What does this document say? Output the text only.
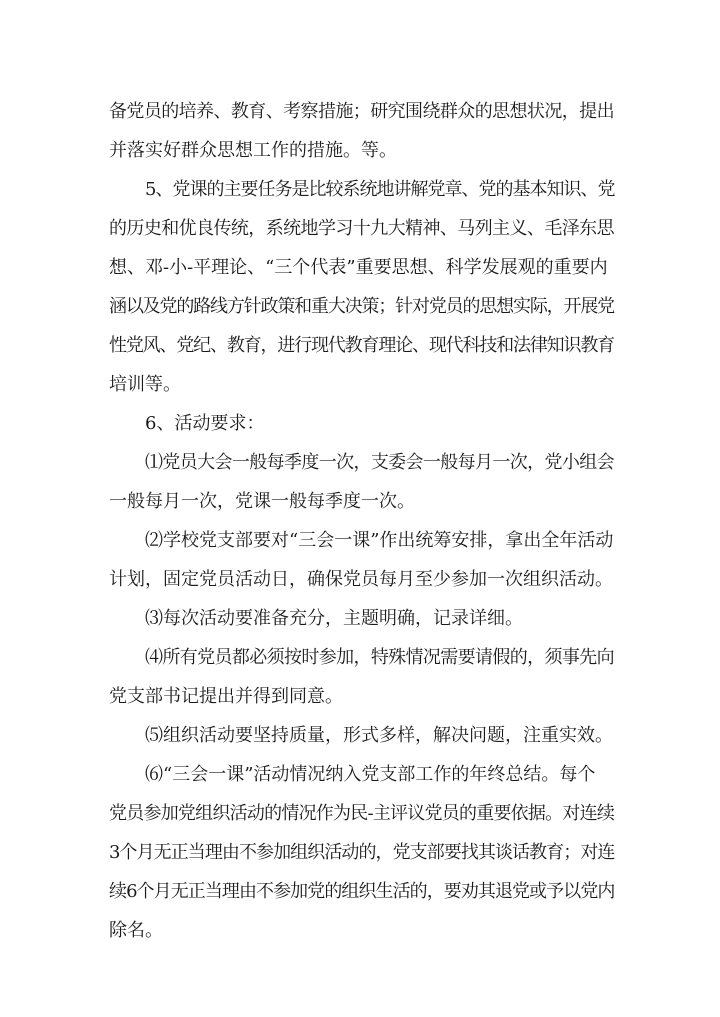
备党员的培养、教育、考察措施；研究围绕群众的思想状况，提出
并落实好群众思想工作的措施。等。
5、党课的主要任务是比较系统地讲解党章、党的基本知识、党
的历史和优良传统，系统地学习十九大精神、马列主义、毛泽东思
想、邓-小-平理论、“三个代表”重要思想、科学发展观的重要内
涵以及党的路线方针政策和重大决策；针对党员的思想实际，开展党
性党风、党纪、教育，进行现代教育理论、现代科技和法律知识教育
培训等。
6、活动要求：
⑴党员大会一般每季度一次，支委会一般每月一次，党小组会
一般每月一次，党课一般每季度一次。
⑵学校党支部要对“三会一课”作出统筹安排，拿出全年活动
计划，固定党员活动日，确保党员每月至少参加一次组织活动。
⑶每次活动要准备充分，主题明确，记录详细。
⑷所有党员都必须按时参加，特殊情况需要请假的，须事先向
党支部书记提出并得到同意。
⑸组织活动要坚持质量，形式多样，解决问题，注重实效。
⑹“三会一课”活动情况纳入党支部工作的年终总结。每个
党员参加党组织活动的情况作为民-主评议党员的重要依据。对连续
3个月无正当理由不参加组织活动的，党支部要找其谈话教育；对连
续6个月无正当理由不参加党的组织生活的，要劝其退党或予以党内
除名。
